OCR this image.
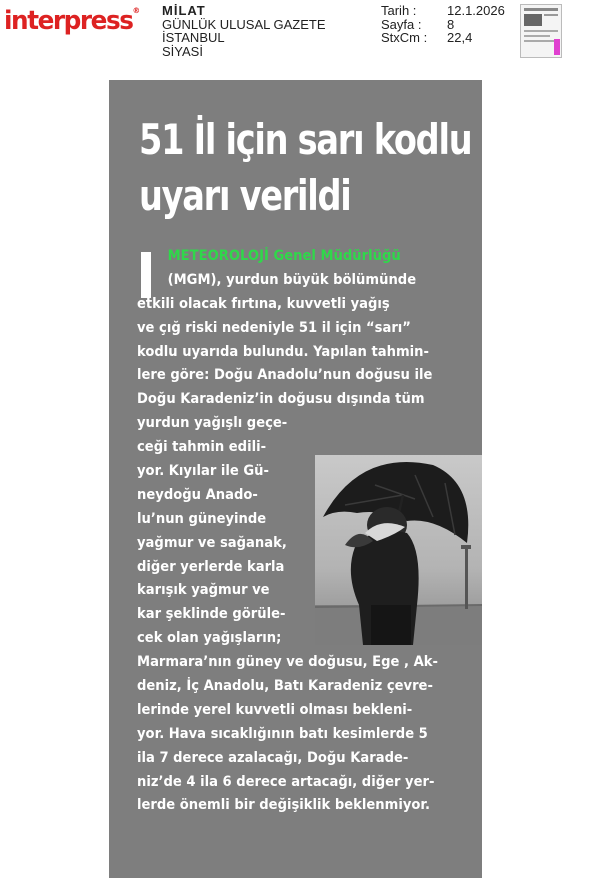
interpress® MİLAT
GÜNLÜK ULUSAL GAZETE
İSTANBUL
SİYASİ
Tarih : 12.1.2026
Sayfa : 8
StxCm : 22,4
51 İl için sarı kodlu
uyarı verildi
METEOROLOJİ Genel Müdürlüğü
(MGM), yurdun büyük bölümünde
etkili olacak fırtına, kuvvetli yağış
ve çığ riski nedeniyle 51 il için “sarı”
kodlu uyarıda bulundu. Yapılan tahmin-
lere göre: Doğu Anadolu’nun doğusu ile
Doğu Karadeniz’in doğusu dışında tüm
yurdun yağışlı geçe-
ceği tahmin edili-
yor. Kıyılar ile Gü-
neydoğu Anado-
lu’nun güneyinde
yağmur ve sağanak,
diğer yerlerde karla
karışık yağmur ve
kar şeklinde görüle-
cek olan yağışların;
Marmara’nın güney ve doğusu, Ege , Ak-
deniz, İç Anadolu, Batı Karadeniz çevre-
lerinde yerel kuvvetli olması bekleni-
yor. Hava sıcaklığının batı kesimlerde 5
ila 7 derece azalacağı, Doğu Karade-
niz’de 4 ila 6 derece artacağı, diğer yer-
lerde önemli bir değişiklik beklenmiyor.
